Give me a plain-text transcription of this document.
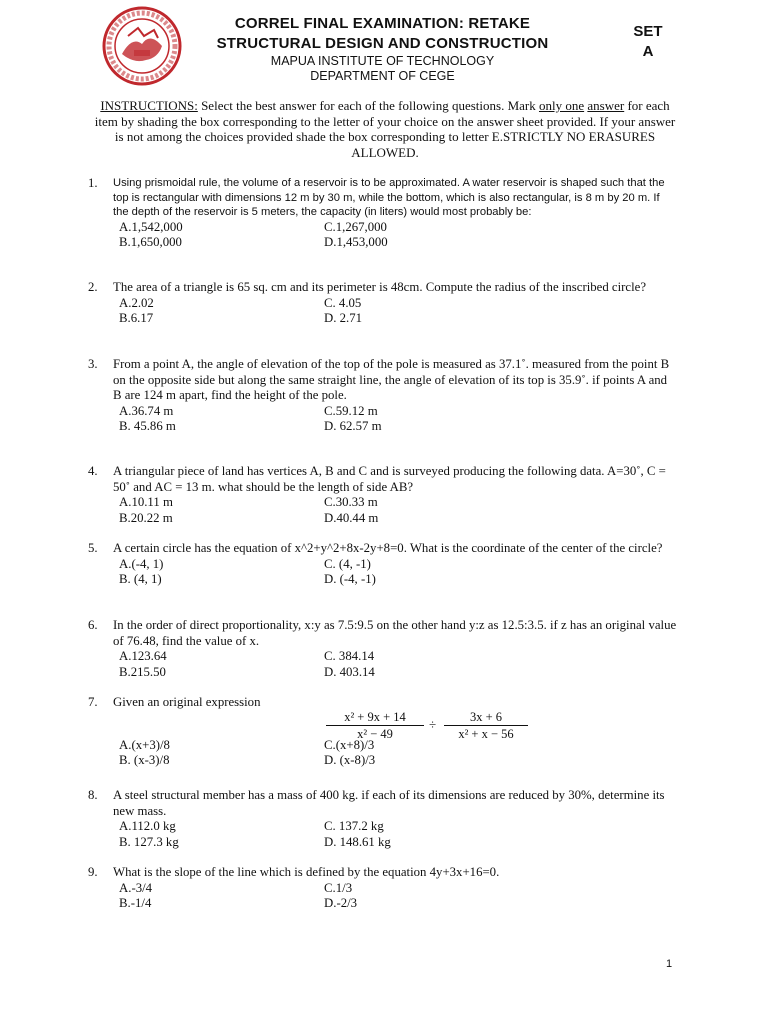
CORREL FINAL EXAMINATION: RETAKE
STRUCTURAL DESIGN AND CONSTRUCTION
MAPUA INSTITUTE OF TECHNOLOGY
DEPARTMENT OF CEGE
SET
A
INSTRUCTIONS: Select the best answer for each of the following questions. Mark only one answer for each item by shading the box corresponding to the letter of your choice on the answer sheet provided. If your answer is not among the choices provided shade the box corresponding to letter E.STRICTLY NO ERASURES ALLOWED.
1.	Using prismoidal rule, the volume of a reservoir is to be approximated. A water reservoir is shaped such that the top is rectangular with dimensions 12 m by 30 m, while the bottom, which is also rectangular, is 8 m by 20 m. If the depth of the reservoir is 5 meters, the capacity (in liters) would most probably be:
A.1,542,000
B.1,650,000
C.1,267,000
D.1,453,000
2.	The area of a triangle is 65 sq. cm and its perimeter is 48cm. Compute the radius of the inscribed circle?
A.2.02
B.6.17
C. 4.05
D. 2.71
3.	From a point A, the angle of elevation of the top of the pole is measured as 37.1˚. measured from the point B on the opposite side but along the same straight line, the angle of elevation of its top is 35.9˚. if points A and B are 124 m apart, find the height of the pole.
A.36.74 m
B. 45.86 m
C.59.12 m
D. 62.57 m
4.	A triangular piece of land has vertices A, B and C and is surveyed producing the following data. A=30˚, C = 50˚ and AC = 13 m. what should be the length of side AB?
A.10.11 m
B.20.22 m
C.30.33 m
D.40.44 m
5.	A certain circle has the equation of x^2+y^2+8x-2y+8=0. What is the coordinate of the center of the circle?
A.(-4, 1)
B. (4, 1)
C. (4, -1)
D. (-4, -1)
6.	In the order of direct proportionality, x:y as 7.5:9.5 on the other hand y:z as 12.5:3.5. if z has an original value of 76.48, find the value of x.
A.123.64
B.215.50
C. 384.14
D. 403.14
7.	Given an original expression
$\frac{\text{x² + 9x + 14}}{\text{x² − 49}} \div \frac{3x + 6}{\text{x² + x − 56}}$
A.(x+3)/8
B. (x-3)/8
C.(x+8)/3
D. (x-8)/3
8.	A steel structural member has a mass of 400 kg. if each of its dimensions are reduced by 30%, determine its new mass.
A.112.0 kg
B. 127.3 kg
C. 137.2 kg
D. 148.61 kg
9.	What is the slope of the line which is defined by the equation 4y+3x+16=0.
A.-3/4
B.-1/4
C.1/3
D.-2/3
1
